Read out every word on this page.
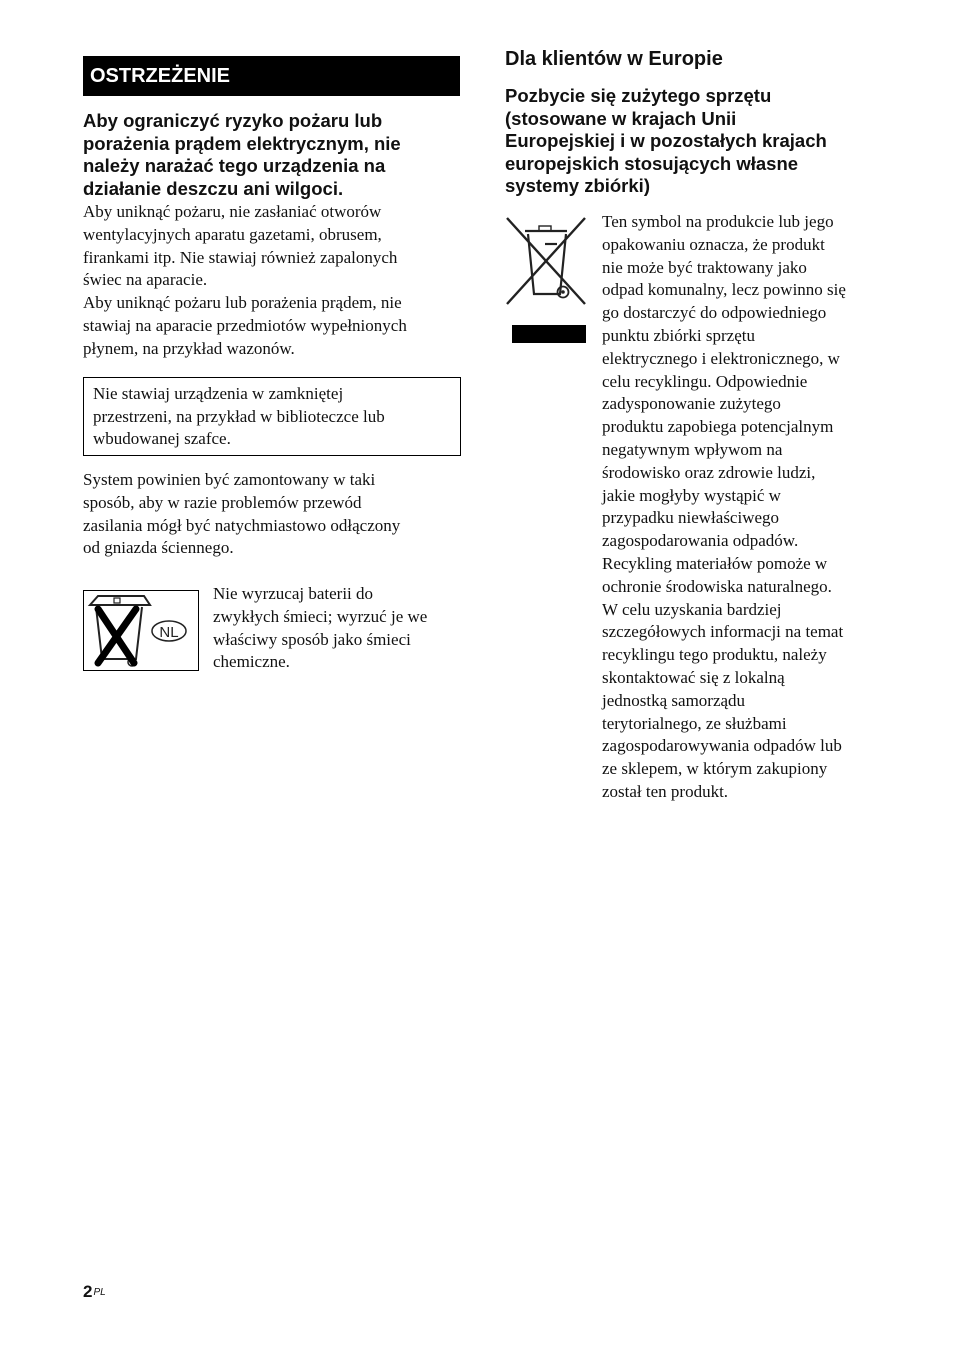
OSTRZEŻENIE
Aby ograniczyć ryzyko pożaru lub
porażenia prądem elektrycznym, nie
należy narażać tego urządzenia na
działanie deszczu ani wilgoci.
Aby uniknąć pożaru, nie zasłaniać otworów
wentylacyjnych aparatu gazetami, obrusem,
firankami itp. Nie stawiaj również zapalonych
świec na aparacie.
Aby uniknąć pożaru lub porażenia prądem, nie
stawiaj na aparacie przedmiotów wypełnionych
płynem, na przykład wazonów.
Nie stawiaj urządzenia w zamkniętej
przestrzeni, na przykład w biblioteczce lub
wbudowanej szafce.
System powinien być zamontowany w taki
sposób, aby w razie problemów przewód
zasilania mógł być natychmiastowo odłączony
od gniazda ściennego.
NL
Nie wyrzucaj baterii do
zwykłych śmieci; wyrzuć je we
właściwy sposób jako śmieci
chemiczne.
Dla klientów w Europie
Pozbycie się zużytego sprzętu
(stosowane w krajach Unii
Europejskiej i w pozostałych krajach
europejskich stosujących własne
systemy zbiórki)
Ten symbol na produkcie lub jego
opakowaniu oznacza, że produkt
nie może być traktowany jako
odpad komunalny, lecz powinno się
go dostarczyć do odpowiedniego
punktu zbiórki sprzętu
elektrycznego i elektronicznego, w
celu recyklingu. Odpowiednie
zadysponowanie zużytego
produktu zapobiega potencjalnym
negatywnym wpływom na
środowisko oraz zdrowie ludzi,
jakie mogłyby wystąpić w
przypadku niewłaściwego
zagospodarowania odpadów.
Recykling materiałów pomoże w
ochronie środowiska naturalnego.
W celu uzyskania bardziej
szczegółowych informacji na temat
recyklingu tego produktu, należy
skontaktować się z lokalną
jednostką samorządu
terytorialnego, ze służbami
zagospodarowywania odpadów lub
ze sklepem, w którym zakupiony
został ten produkt.
$2^{PL}$
